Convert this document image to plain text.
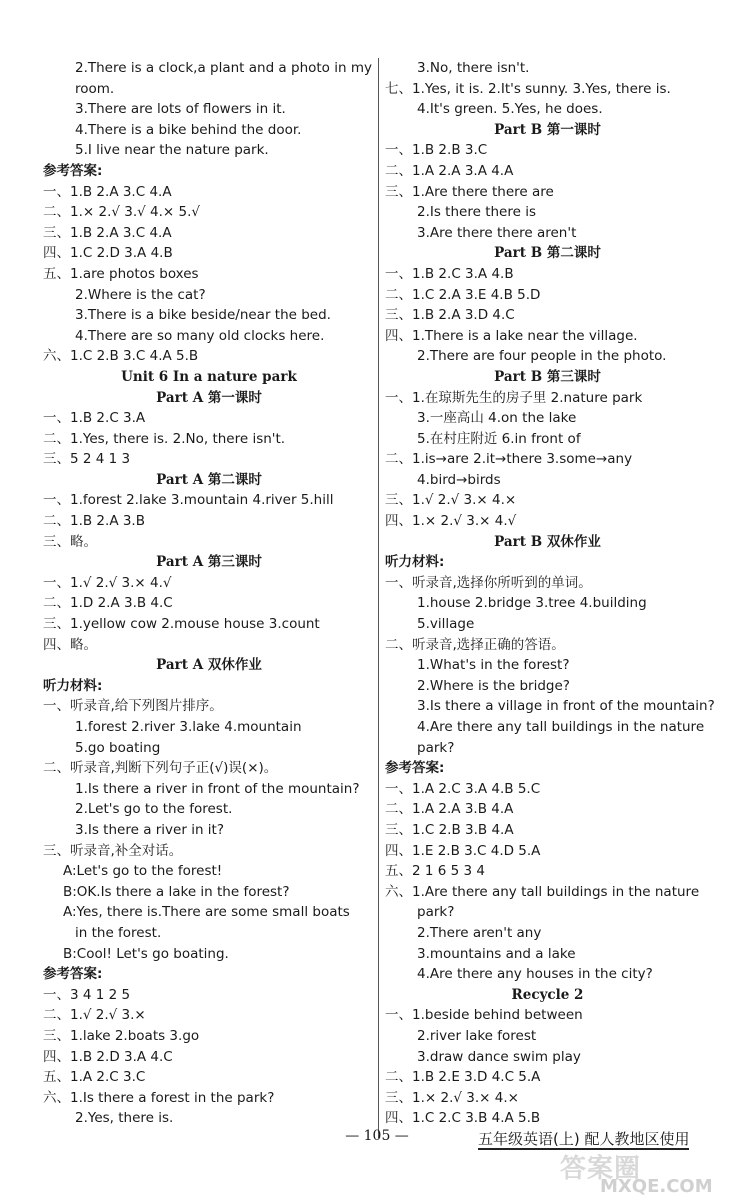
2.There is a clock,a plant and a photo in my
room.
3.There are lots of flowers in it.
4.There is a bike behind the door.
5.I live near the nature park.
参考答案:
一、1.B 2.A 3.C 4.A
二、1.× 2.√ 3.√ 4.× 5.√
三、1.B 2.A 3.C 4.A
四、1.C 2.D 3.A 4.B
五、1.are photos boxes
2.Where is the cat?
3.There is a bike beside/near the bed.
4.There are so many old clocks here.
六、1.C 2.B 3.C 4.A 5.B
Unit 6 In a nature park
Part A 第一课时
一、1.B 2.C 3.A
二、1.Yes, there is. 2.No, there isn't.
三、5 2 4 1 3
Part A 第二课时
一、1.forest 2.lake 3.mountain 4.river 5.hill
二、1.B 2.A 3.B
三、略。
Part A 第三课时
一、1.√ 2.√ 3.× 4.√
二、1.D 2.A 3.B 4.C
三、1.yellow cow 2.mouse house 3.count
四、略。
Part A 双休作业
听力材料:
一、听录音,给下列图片排序。
1.forest 2.river 3.lake 4.mountain
5.go boating
二、听录音,判断下列句子正(√)误(×)。
1.Is there a river in front of the mountain?
2.Let's go to the forest.
3.Is there a river in it?
三、听录音,补全对话。
A:Let's go to the forest!
B:OK.Is there a lake in the forest?
A:Yes, there is.There are some small boats
in the forest.
B:Cool! Let's go boating.
参考答案:
一、3 4 1 2 5
二、1.√ 2.√ 3.×
三、1.lake 2.boats 3.go
四、1.B 2.D 3.A 4.C
五、1.A 2.C 3.C
六、1.Is there a forest in the park?
2.Yes, there is.
3.No, there isn't.
七、1.Yes, it is. 2.It's sunny. 3.Yes, there is.
4.It's green. 5.Yes, he does.
Part B 第一课时
一、1.B 2.B 3.C
二、1.A 2.A 3.A 4.A
三、1.Are there there are
2.Is there there is
3.Are there there aren't
Part B 第二课时
一、1.B 2.C 3.A 4.B
二、1.C 2.A 3.E 4.B 5.D
三、1.B 2.A 3.D 4.C
四、1.There is a lake near the village.
2.There are four people in the photo.
Part B 第三课时
一、1.在琼斯先生的房子里 2.nature park
3.一座高山 4.on the lake
5.在村庄附近 6.in front of
二、1.is→are 2.it→there 3.some→any
4.bird→birds
三、1.√ 2.√ 3.× 4.×
四、1.× 2.√ 3.× 4.√
Part B 双休作业
听力材料:
一、听录音,选择你所听到的单词。
1.house 2.bridge 3.tree 4.building
5.village
二、听录音,选择正确的答语。
1.What's in the forest?
2.Where is the bridge?
3.Is there a village in front of the mountain?
4.Are there any tall buildings in the nature
park?
参考答案:
一、1.A 2.C 3.A 4.B 5.C
二、1.A 2.A 3.B 4.A
三、1.C 2.B 3.B 4.A
四、1.E 2.B 3.C 4.D 5.A
五、2 1 6 5 3 4
六、1.Are there any tall buildings in the nature
park?
2.There aren't any
3.mountains and a lake
4.Are there any houses in the city?
Recycle 2
一、1.beside behind between
2.river lake forest
3.draw dance swim play
二、1.B 2.E 3.D 4.C 5.A
三、1.× 2.√ 3.× 4.×
四、1.C 2.C 3.B 4.A 5.B
— 105 —	五年级英语(上) 配人教地区使用
答案圈
MXQE.COM
